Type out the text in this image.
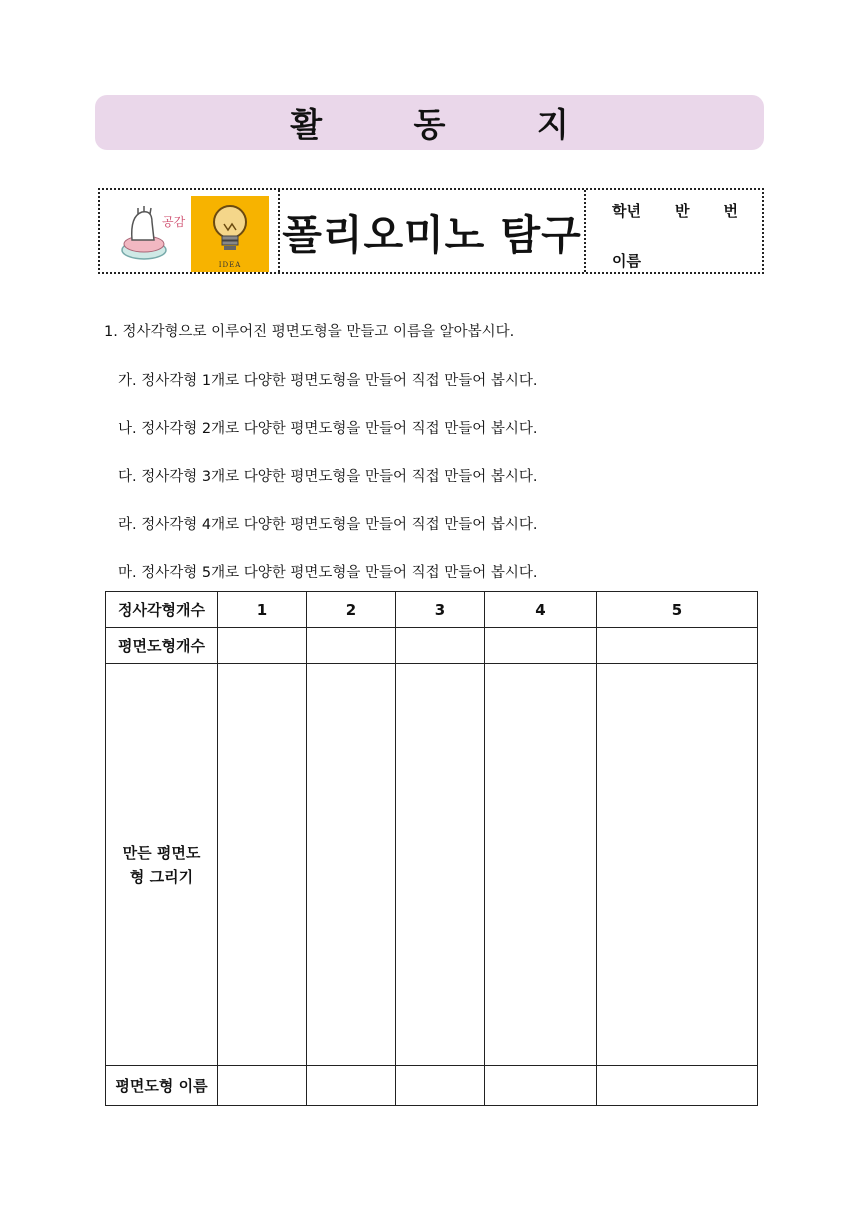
활 동 지
공감
IDEA
폴리오미노 탐구 학년 반 번
이름
1. 정사각형으로 이루어진 평면도형을 만들고 이름을 알아봅시다.
가. 정사각형 1개로 다양한 평면도형을 만들어 직접 만들어 봅시다.
나. 정사각형 2개로 다양한 평면도형을 만들어 직접 만들어 봅시다.
다. 정사각형 3개로 다양한 평면도형을 만들어 직접 만들어 봅시다.
라. 정사각형 4개로 다양한 평면도형을 만들어 직접 만들어 봅시다.
마. 정사각형 5개로 다양한 평면도형을 만들어 직접 만들어 봅시다.
정사각형개수	1	2	3	4	5
평면도형개수					
만든 평면도형 그리기					
평면도형 이름					
